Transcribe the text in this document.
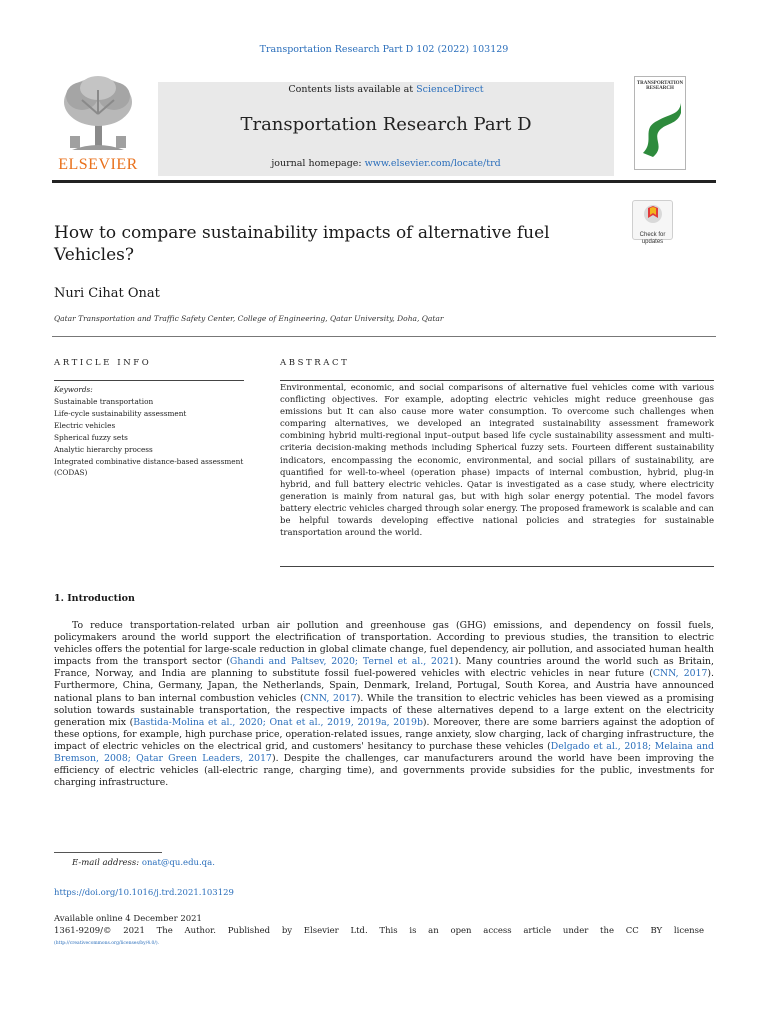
Transportation Research Part D 102 (2022) 103129
ELSEVIER
Contents lists available at ScienceDirect
Transportation Research Part D
journal homepage: www.elsevier.com/locate/trd
TRANSPORTATION RESEARCH
Check for updates
How to compare sustainability impacts of alternative fuel Vehicles?
Nuri Cihat Onat
Qatar Transportation and Traffic Safety Center, College of Engineering, Qatar University, Doha, Qatar
ARTICLE INFO	ABSTRACT
Keywords:
Sustainable transportation
Life-cycle sustainability assessment
Electric vehicles
Spherical fuzzy sets
Analytic hierarchy process
Integrated combinative distance-based assessment (CODAS)
Environmental, economic, and social comparisons of alternative fuel vehicles come with various conflicting objectives. For example, adopting electric vehicles might reduce greenhouse gas emissions but It can also cause more water consumption. To overcome such challenges when comparing alternatives, we developed an integrated sustainability assessment framework combining hybrid multi-regional input–output based life cycle sustainability assessment and multi-criteria decision-making methods including Spherical fuzzy sets. Fourteen different sustainability indicators, encompassing the economic, environmental, and social pillars of sustainability, are quantified for well-to-wheel (operation phase) impacts of internal combustion, hybrid, plug-in hybrid, and full battery electric vehicles. Qatar is investigated as a case study, where electricity generation is mainly from natural gas, but with high solar energy potential. The model favors battery electric vehicles charged through solar energy. The proposed framework is scalable and can be helpful towards developing effective national policies and strategies for sustainable transportation around the world.
1. Introduction
To reduce transportation-related urban air pollution and greenhouse gas (GHG) emissions, and dependency on fossil fuels, policymakers around the world support the electrification of transportation. According to previous studies, the transition to electric vehicles offers the potential for large-scale reduction in global climate change, fuel dependency, air pollution, and associated human health impacts from the transport sector (Ghandi and Paltsev, 2020; Ternel et al., 2021). Many countries around the world such as Britain, France, Norway, and India are planning to substitute fossil fuel-powered vehicles with electric vehicles in near future (CNN, 2017). Furthermore, China, Germany, Japan, the Netherlands, Spain, Denmark, Ireland, Portugal, South Korea, and Austria have announced national plans to ban internal combustion vehicles (CNN, 2017). While the transition to electric vehicles has been viewed as a promising solution towards sustainable transportation, the respective impacts of these alternatives depend to a large extent on the electricity generation mix (Bastida-Molina et al., 2020; Onat et al., 2019, 2019a, 2019b). Moreover, there are some barriers against the adoption of these options, for example, high purchase price, operation-related issues, range anxiety, slow charging, lack of charging infrastructure, the impact of electric vehicles on the electrical grid, and customers' hesitancy to purchase these vehicles (Delgado et al., 2018; Melaina and Bremson, 2008; Qatar Green Leaders, 2017). Despite the challenges, car manufacturers around the world have been improving the efficiency of electric vehicles (all-electric range, charging time), and governments provide subsidies for the public, investments for charging infrastructure.
E-mail address: onat@qu.edu.qa.
https://doi.org/10.1016/j.trd.2021.103129
Available online 4 December 2021
1361-9209/© 2021 The Author. Published by Elsevier Ltd. This is an open access article under the CC BY license
(http://creativecommons.org/licenses/by/4.0/).
